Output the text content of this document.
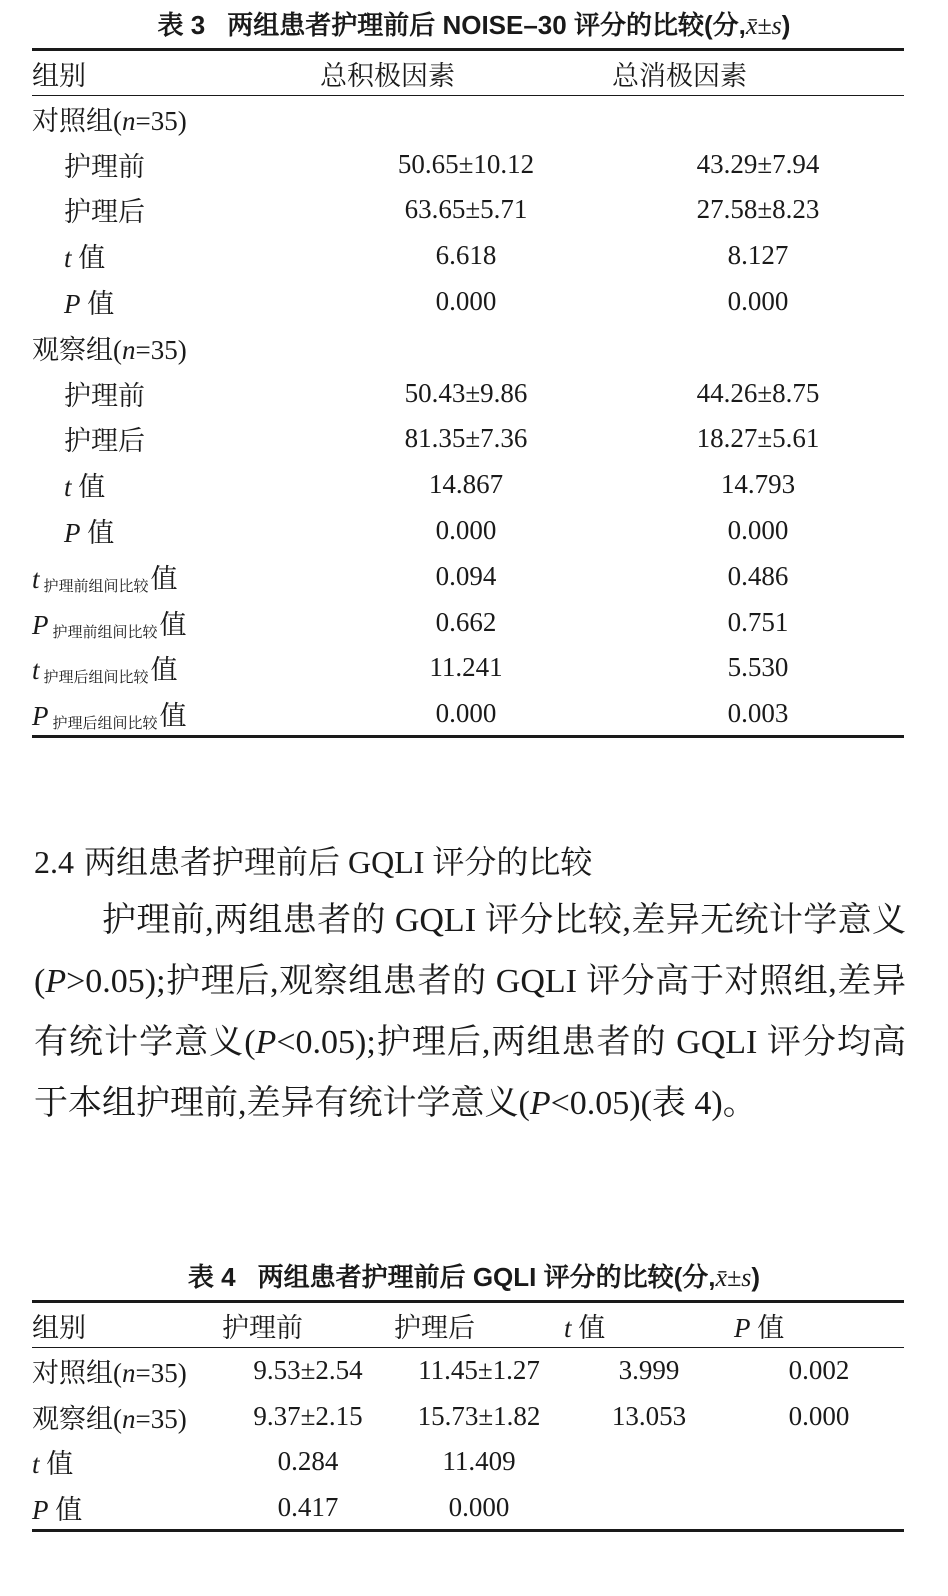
表 3 两组患者护理前后 NOISE–30 评分的比较(分,x̄±s)
组别	总积极因素	总消极因素
对照组(n=35)		
护理前	50.65±10.12	43.29±7.94
护理后	63.65±5.71	27.58±8.23
t 值	6.618	8.127
P 值	0.000	0.000
观察组(n=35)		
护理前	50.43±9.86	44.26±8.75
护理后	81.35±7.36	18.27±5.61
t 值	14.867	14.793
P 值	0.000	0.000
t $_{护理前组间比较}$值	0.094	0.486
P $_{护理前组间比较}$值	0.662	0.751
t $_{护理后组间比较}$值	11.241	5.530
P $_{护理后组间比较}$值	0.000	0.003
2.4 两组患者护理前后 GQLI 评分的比较
护理前,两组患者的 GQLI 评分比较,差异无统计学意义(P>0.05);护理后,观察组患者的 GQLI 评分高于对照组,差异有统计学意义(P<0.05);护理后,两组患者的 GQLI 评分均高于本组护理前,差异有统计学意义(P<0.05)(表 4)。
表 4 两组患者护理前后 GQLI 评分的比较(分,x̄±s)
组别	护理前	护理后	t 值	P 值
对照组(n=35)	9.53±2.54	11.45±1.27	3.999	0.002
观察组(n=35)	9.37±2.15	15.73±1.82	13.053	0.000
t 值	0.284	11.409		
P 值	0.417	0.000		
